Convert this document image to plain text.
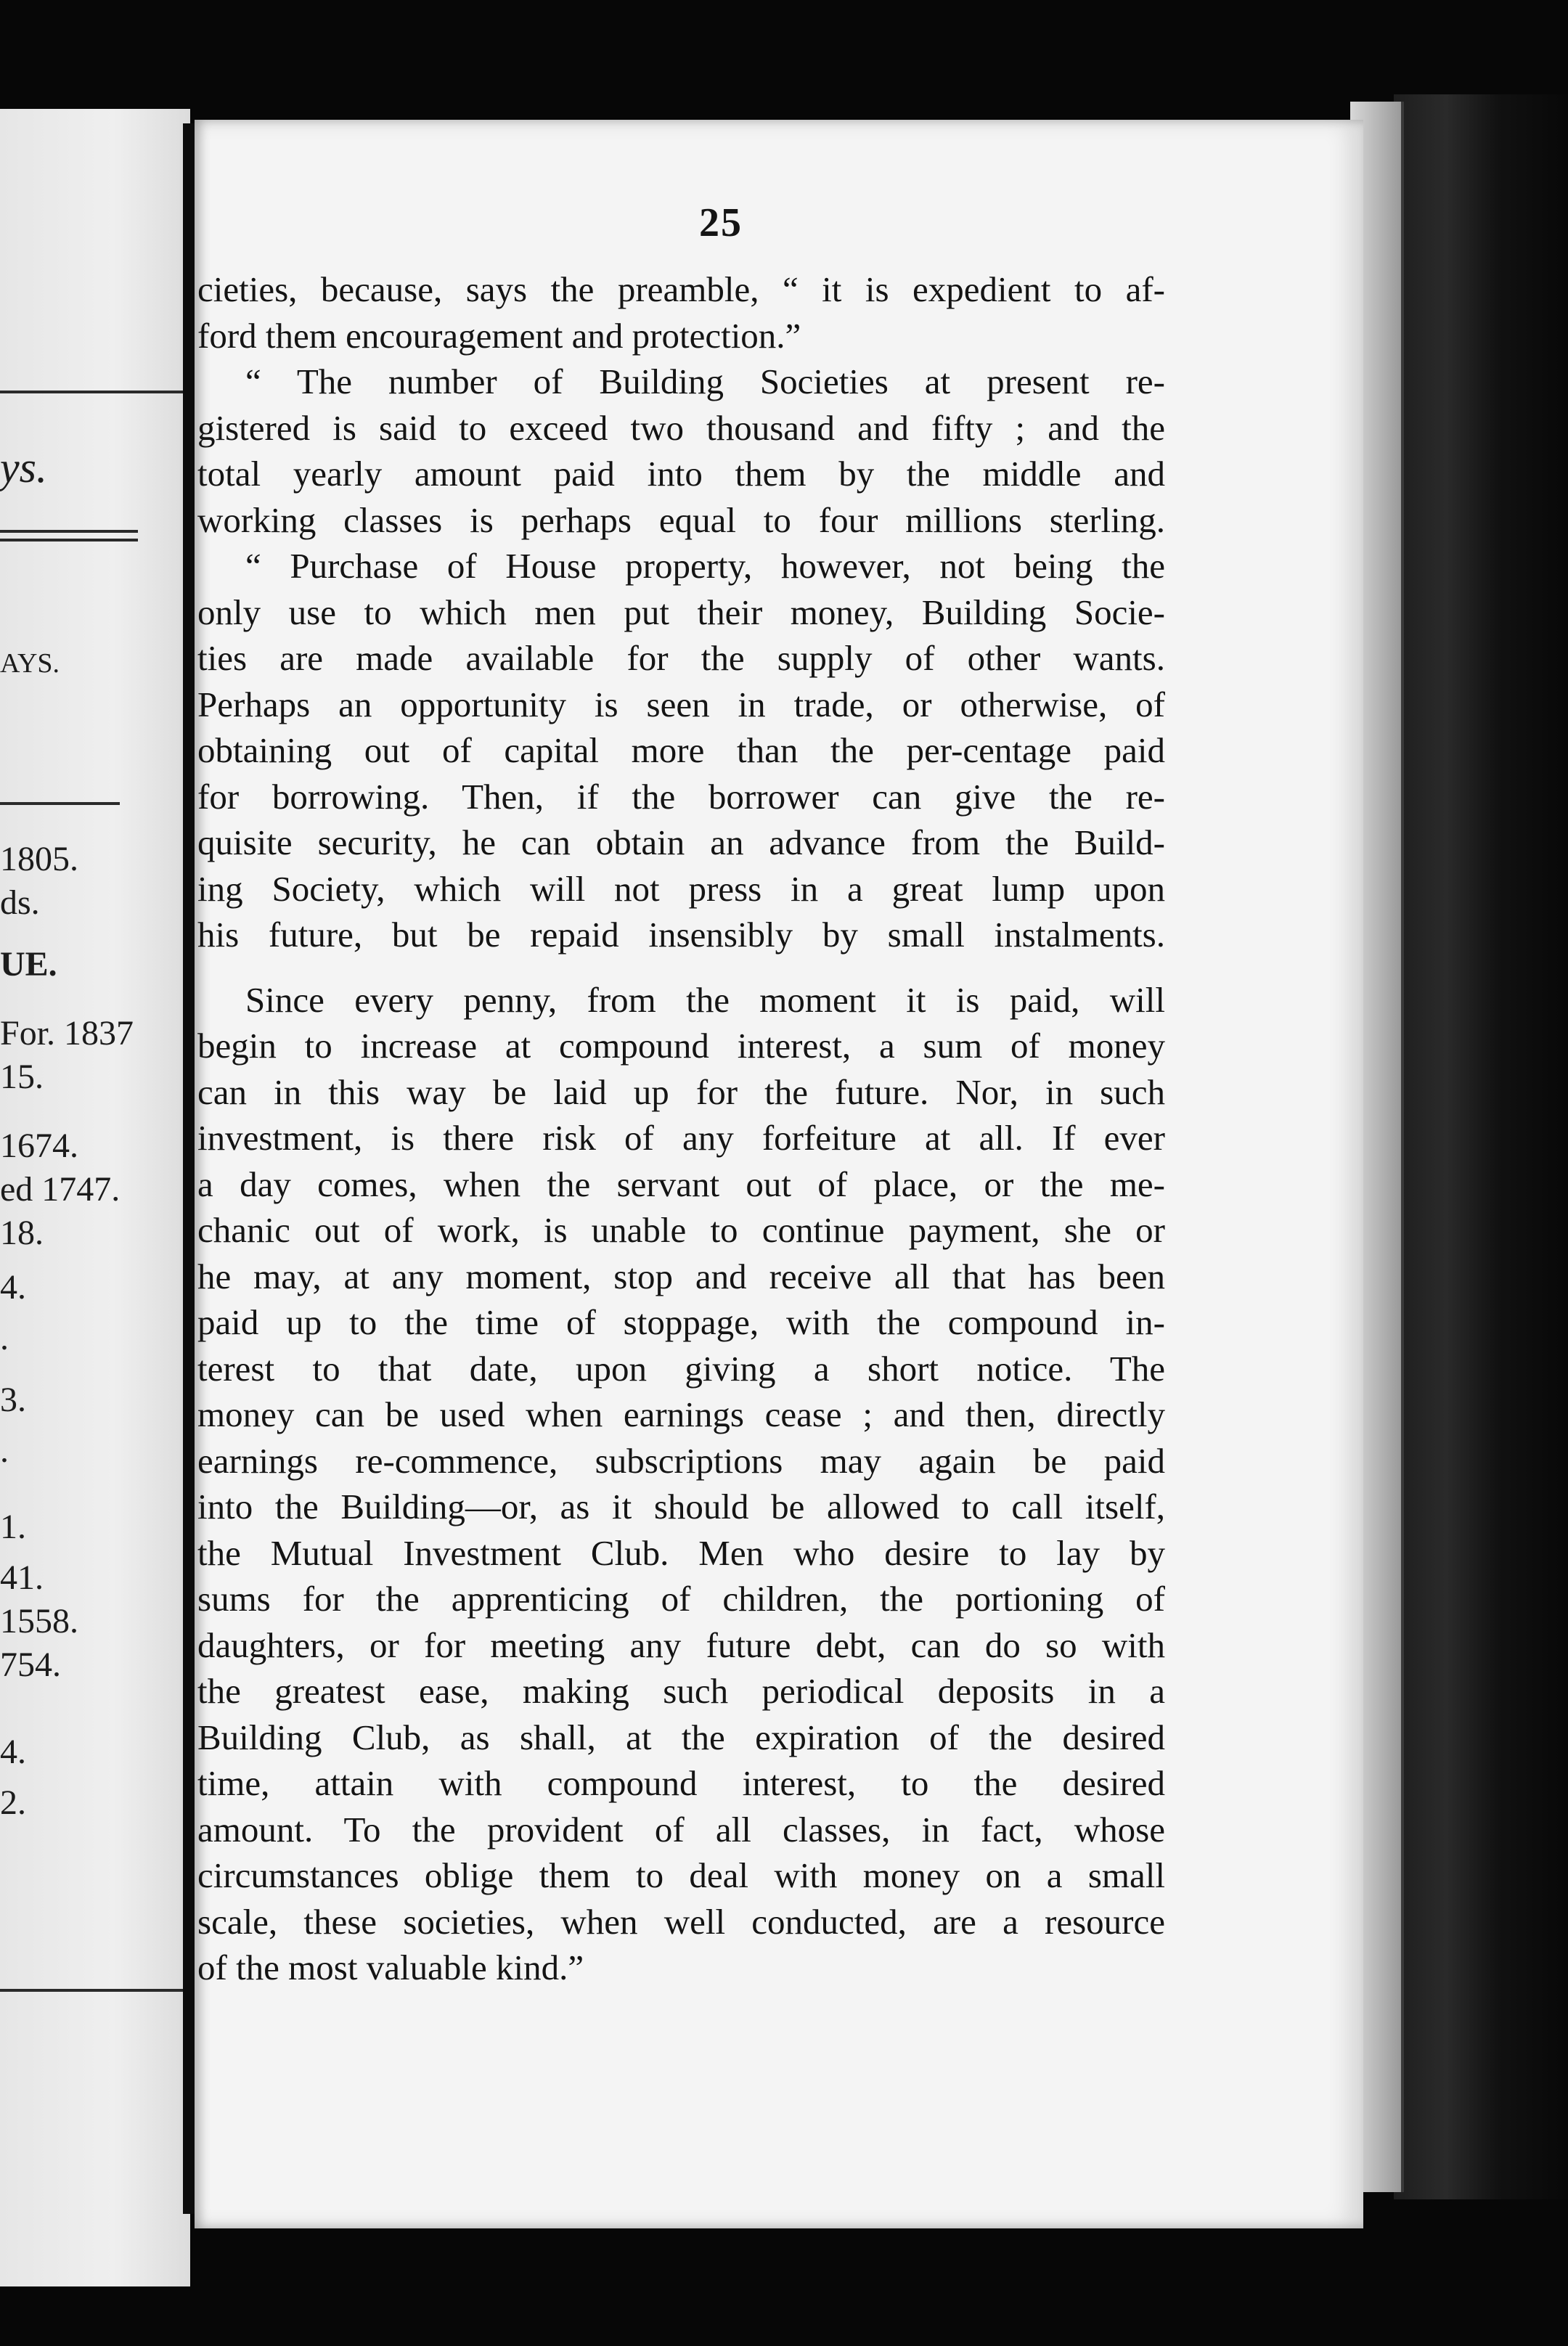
ys.
AYS.
1805.
ds.
UE.
For. 1837
15.
1674.
ed 1747.
18.
4.
.
3.
.
1.
41.
1558.
754.
4.
2.
25
cieties, because, says the preamble, “ it is expedient to af-
ford them encouragement and protection.”
“ The number of Building Societies at present re-
gistered is said to exceed two thousand and fifty ; and the
total yearly amount paid into them by the middle and
working classes is perhaps equal to four millions sterling.
“ Purchase of House property, however, not being the
only use to which men put their money, Building Socie-
ties are made available for the supply of other wants.
Perhaps an opportunity is seen in trade, or otherwise, of
obtaining out of capital more than the per-centage paid
for borrowing. Then, if the borrower can give the re-
quisite security, he can obtain an advance from the Build-
ing Society, which will not press in a great lump upon
his future, but be repaid insensibly by small instalments.
Since every penny, from the moment it is paid, will
begin to increase at compound interest, a sum of money
can in this way be laid up for the future. Nor, in such
investment, is there risk of any forfeiture at all. If ever
a day comes, when the servant out of place, or the me-
chanic out of work, is unable to continue payment, she or
he may, at any moment, stop and receive all that has been
paid up to the time of stoppage, with the compound in-
terest to that date, upon giving a short notice. The
money can be used when earnings cease ; and then, directly
earnings re-commence, subscriptions may again be paid
into the Building—or, as it should be allowed to call itself,
the Mutual Investment Club. Men who desire to lay by
sums for the apprenticing of children, the portioning of
daughters, or for meeting any future debt, can do so with
the greatest ease, making such periodical deposits in a
Building Club, as shall, at the expiration of the desired
time, attain with compound interest, to the desired
amount. To the provident of all classes, in fact, whose
circumstances oblige them to deal with money on a small
scale, these societies, when well conducted, are a resource
of the most valuable kind.”
